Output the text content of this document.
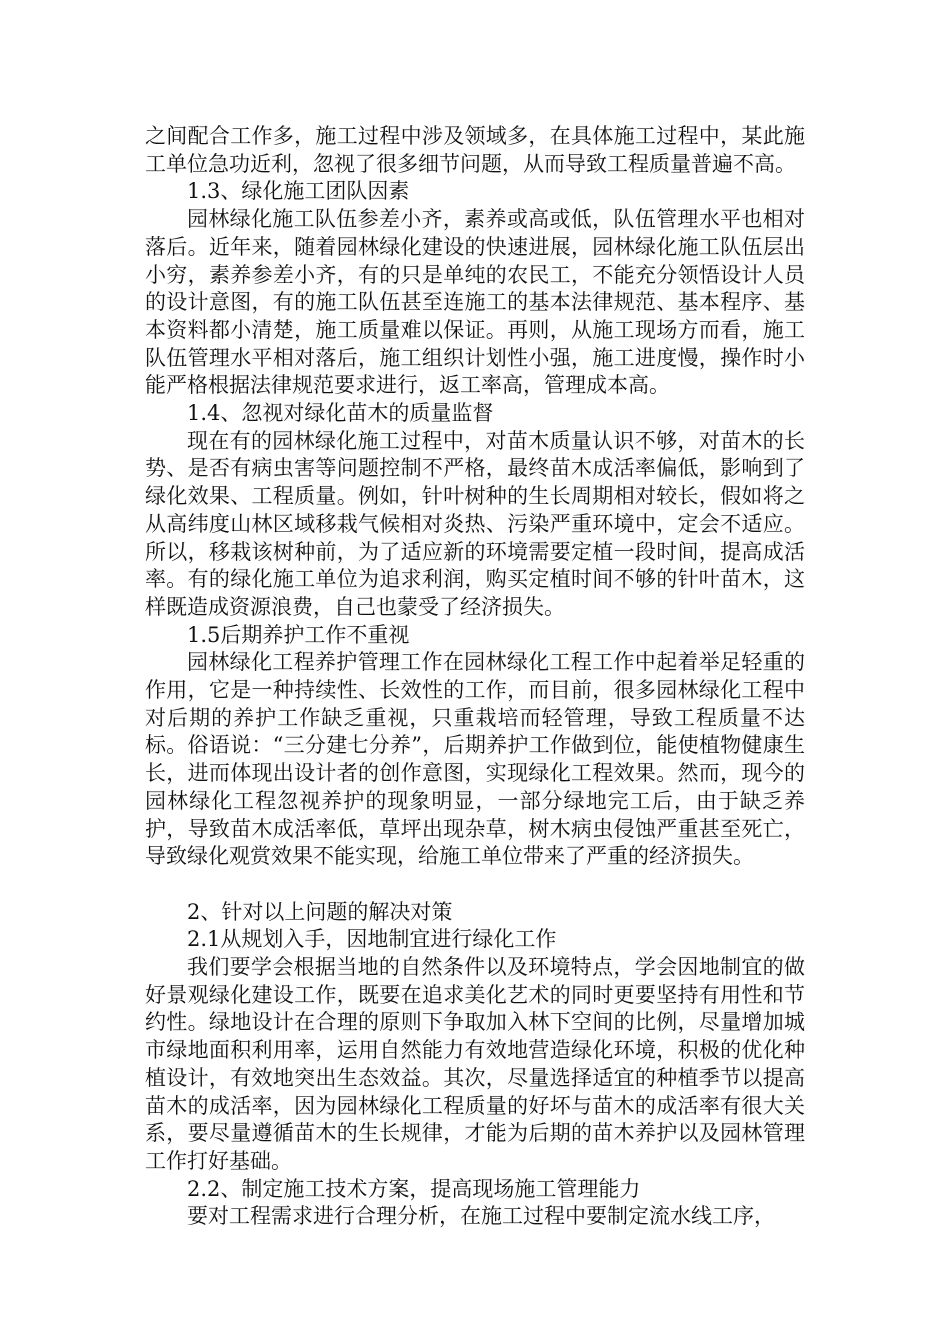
之间配合工作多，施工过程中涉及领域多，在具体施工过程中，某此施工单位急功近利，忽视了很多细节问题，从而导致工程质量普遍不高。

1.3、绿化施工团队因素

园林绿化施工队伍参差小齐，素养或高或低，队伍管理水平也相对落后。近年来，随着园林绿化建设的快速进展，园林绿化施工队伍层出小穷，素养参差小齐，有的只是单纯的农民工，不能充分领悟设计人员的设计意图，有的施工队伍甚至连施工的基本法律规范、基本程序、基本资料都小清楚，施工质量难以保证。再则，从施工现场方而看，施工队伍管理水平相对落后，施工组织计划性小强，施工进度慢，操作时小能严格根据法律规范要求进行，返工率高，管理成本高。

1.4、忽视对绿化苗木的质量监督

现在有的园林绿化施工过程中，对苗木质量认识不够，对苗木的长势、是否有病虫害等问题控制不严格，最终苗木成活率偏低，影响到了绿化效果、工程质量。例如，针叶树种的生长周期相对较长，假如将之从高纬度山林区域移栽气候相对炎热、污染严重环境中，定会不适应。所以，移栽该树种前，为了适应新的环境需要定植一段时间，提高成活率。有的绿化施工单位为追求利润，购买定植时间不够的针叶苗木，这样既造成资源浪费，自己也蒙受了经济损失。

1.5后期养护工作不重视

园林绿化工程养护管理工作在园林绿化工程工作中起着举足轻重的作用，它是一种持续性、长效性的工作，而目前，很多园林绿化工程中对后期的养护工作缺乏重视，只重栽培而轻管理，导致工程质量不达标。俗语说：“三分建七分养”，后期养护工作做到位，能使植物健康生长，进而体现出设计者的创作意图，实现绿化工程效果。然而，现今的园林绿化工程忽视养护的现象明显，一部分绿地完工后，由于缺乏养护，导致苗木成活率低，草坪出现杂草，树木病虫侵蚀严重甚至死亡，导致绿化观赏效果不能实现，给施工单位带来了严重的经济损失。

2、针对以上问题的解决对策

2.1从规划入手，因地制宜进行绿化工作

我们要学会根据当地的自然条件以及环境特点，学会因地制宜的做好景观绿化建设工作，既要在追求美化艺术的同时更要坚持有用性和节约性。绿地设计在合理的原则下争取加入林下空间的比例，尽量增加城市绿地面积利用率，运用自然能力有效地营造绿化环境，积极的优化种植设计，有效地突出生态效益。其次，尽量选择适宜的种植季节以提高苗木的成活率，因为园林绿化工程质量的好坏与苗木的成活率有很大关系，要尽量遵循苗木的生长规律，才能为后期的苗木养护以及园林管理工作打好基础。

2.2、制定施工技术方案，提高现场施工管理能力

要对工程需求进行合理分析，在施工过程中要制定流水线工序，
